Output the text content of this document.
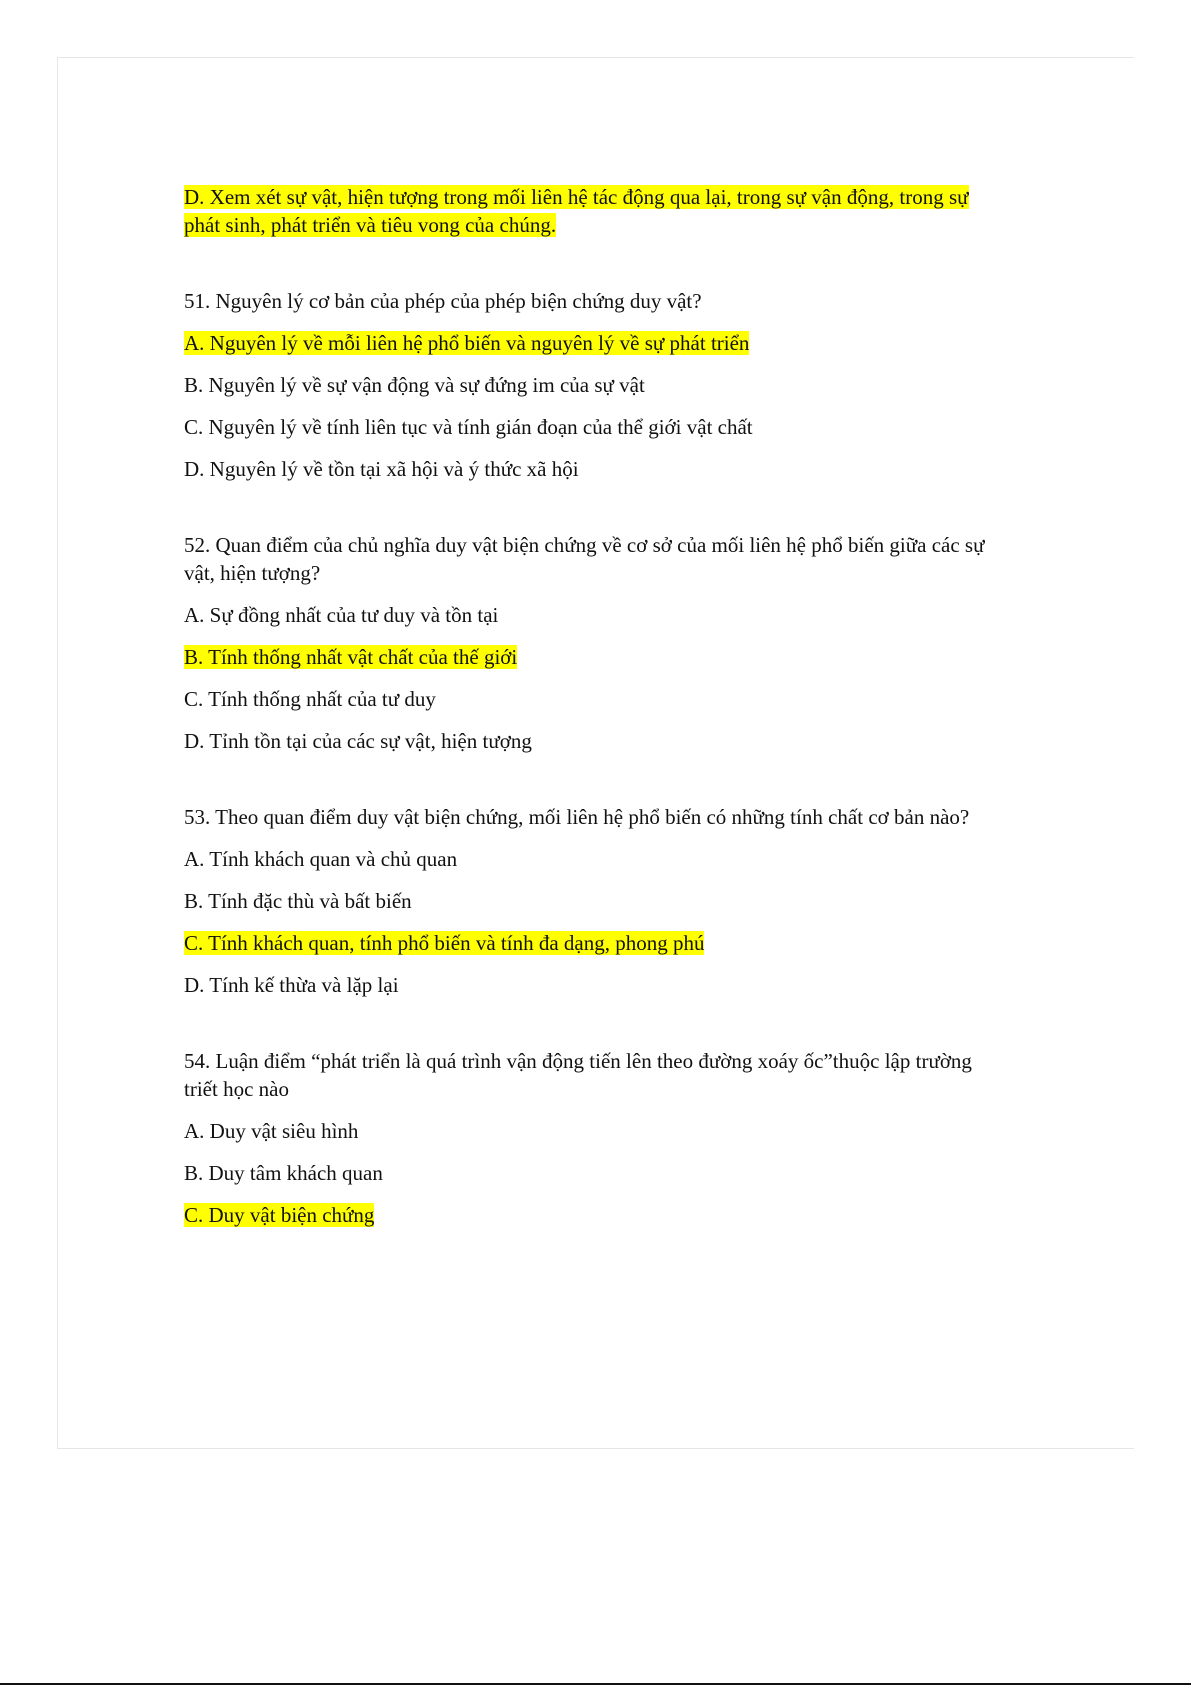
D. Xem xét sự vật, hiện tượng trong mối liên hệ tác động qua lại, trong sự vận động, trong sự phát sinh, phát triển và tiêu vong của chúng.

51. Nguyên lý cơ bản của phép của phép biện chứng duy vật?

A. Nguyên lý về mỗi liên hệ phổ biến và nguyên lý về sự phát triển

B. Nguyên lý về sự vận động và sự đứng im của sự vật

C. Nguyên lý về tính liên tục và tính gián đoạn của thể giới vật chất

D. Nguyên lý về tồn tại xã hội và ý thức xã hội

52. Quan điểm của chủ nghĩa duy vật biện chứng về cơ sở của mối liên hệ phổ biến giữa các sự vật, hiện tượng?

A. Sự đồng nhất của tư duy và tồn tại

B. Tính thống nhất vật chất của thế giới

C. Tính thống nhất của tư duy

D. Tỉnh tồn tại của các sự vật, hiện tượng

53. Theo quan điểm duy vật biện chứng, mối liên hệ phổ biến có những tính chất cơ bản nào?

A. Tính khách quan và chủ quan

B. Tính đặc thù và bất biến

C. Tính khách quan, tính phổ biến và tính đa dạng, phong phú

D. Tính kế thừa và lặp lại

54. Luận điểm “phát triển là quá trình vận động tiến lên theo đường xoáy ốc”thuộc lập trường triết học nào

A. Duy vật siêu hình

B. Duy tâm khách quan

C. Duy vật biện chứng
